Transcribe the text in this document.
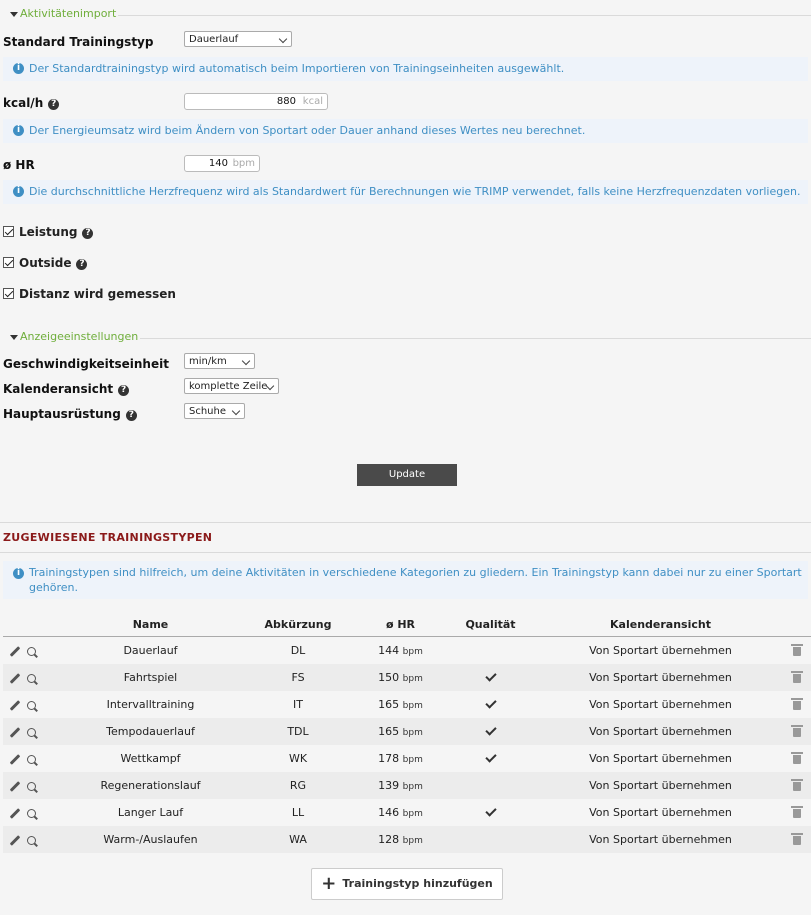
Aktivitätenimport
Standard Trainingstyp	Dauerlauf
i Der Standardtrainingstyp wird automatisch beim Importieren von Trainingseinheiten ausgewählt.
kcal/h ?	880 kcal
i Der Energieumsatz wird beim Ändern von Sportart oder Dauer anhand dieses Wertes neu berechnet.
ø HR	140 bpm
i Die durchschnittliche Herzfrequenz wird als Standardwert für Berechnungen wie TRIMP verwendet, falls keine Herzfrequenzdaten vorliegen.
Leistung ?
Outside ?
Distanz wird gemessen
Anzeigeeinstellungen
Geschwindigkeitseinheit	min/km
Kalenderansicht ?	komplette Zeile
Hauptausrüstung ?	Schuhe
Update
ZUGEWIESENE TRAININGSTYPEN
i Trainingstypen sind hilfreich, um deine Aktivitäten in verschiedene Kategorien zu gliedern. Ein Trainingstyp kann dabei nur zu einer Sportart gehören.
	Name	Abkürzung	ø HR	Qualität	Kalenderansicht	
	Dauerlauf	DL	144 bpm		Von Sportart übernehmen	
	Fahrtspiel	FS	150 bpm		Von Sportart übernehmen	
	Intervalltraining	IT	165 bpm		Von Sportart übernehmen	
	Tempodauerlauf	TDL	165 bpm		Von Sportart übernehmen	
	Wettkampf	WK	178 bpm		Von Sportart übernehmen	
	Regenerationslauf	RG	139 bpm		Von Sportart übernehmen	
	Langer Lauf	LL	146 bpm		Von Sportart übernehmen	
	Warm-/Auslaufen	WA	128 bpm		Von Sportart übernehmen	
+ Trainingstyp hinzufügen
